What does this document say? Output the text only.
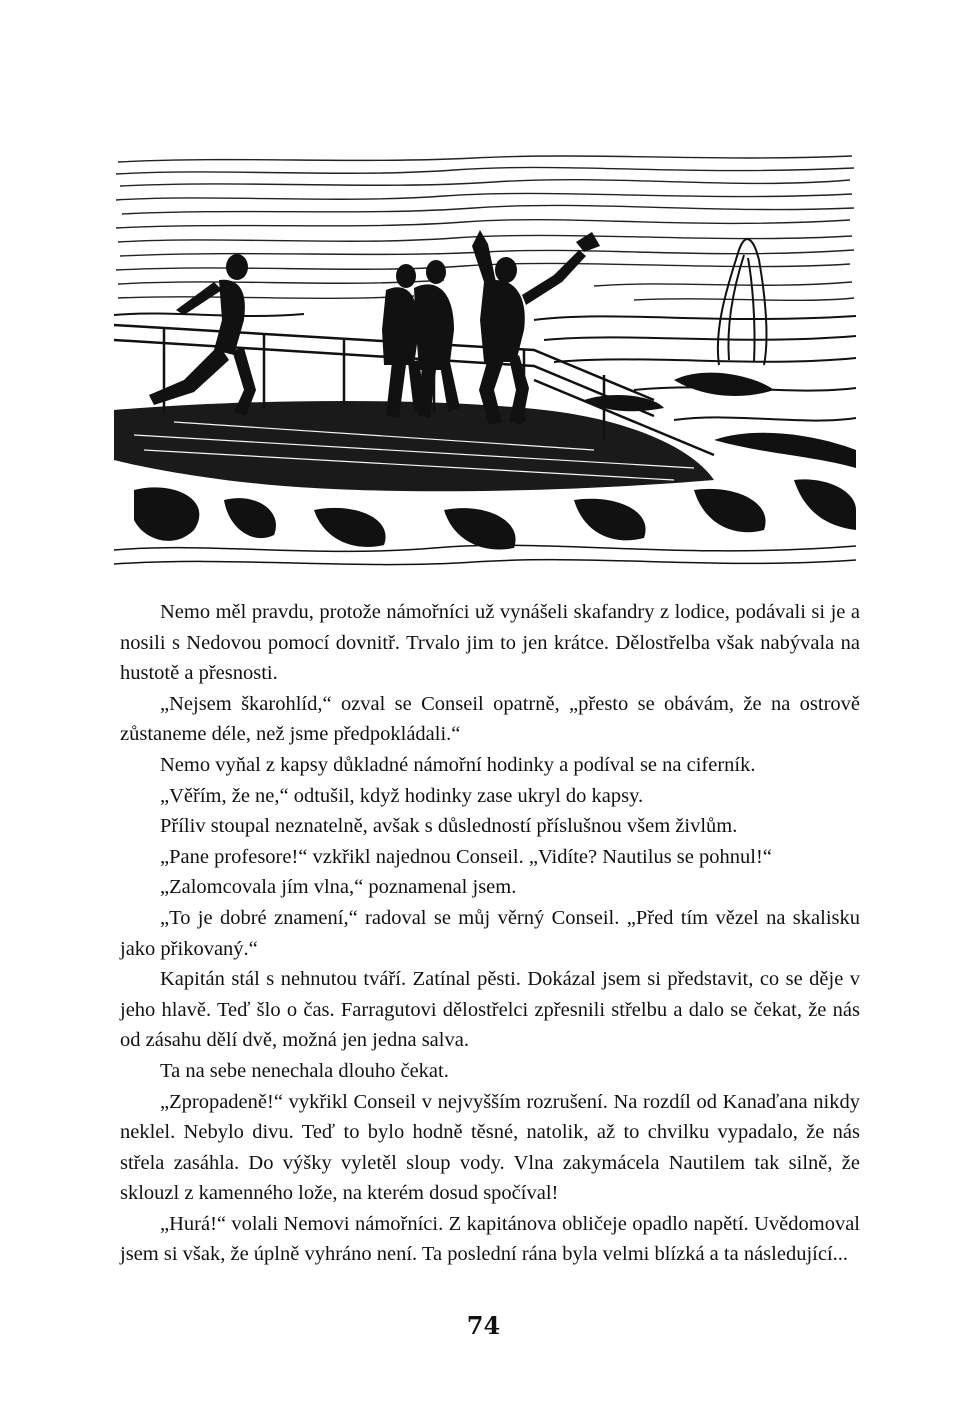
Nemo měl pravdu, protože námořníci už vynášeli skafandry z lodice, podávali si je a nosili s Nedovou pomocí dovnitř. Trvalo jim to jen krátce. Dělostřelba však nabývala na hustotě a přesnosti.

„Nejsem škarohlíd,“ ozval se Conseil opatrně, „přesto se obávám, že na ostrově zůstaneme déle, než jsme předpokládali.“

Nemo vyňal z kapsy důkladné námořní hodinky a podíval se na ciferník.

„Věřím, že ne,“ odtušil, když hodinky zase ukryl do kapsy.

Příliv stoupal neznatelně, avšak s důsledností příslušnou všem živlům.

„Pane profesore!“ vzkřikl najednou Conseil. „Vidíte? Nautilus se pohnul!“

„Zalomcovala jím vlna,“ poznamenal jsem.

„To je dobré znamení,“ radoval se můj věrný Conseil. „Před tím vězel na skalisku jako přikovaný.“

Kapitán stál s nehnutou tváří. Zatínal pěsti. Dokázal jsem si představit, co se děje v jeho hlavě. Teď šlo o čas. Farragutovi dělostřelci zpřesnili střelbu a dalo se čekat, že nás od zásahu dělí dvě, možná jen jedna salva.

Ta na sebe nenechala dlouho čekat.

„Zpropadeně!“ vykřikl Conseil v nejvyšším rozrušení. Na rozdíl od Kanaďana nikdy neklel. Nebylo divu. Teď to bylo hodně těsné, natolik, až to chvilku vypadalo, že nás střela zasáhla. Do výšky vyletěl sloup vody. Vlna zakymácela Nautilem tak silně, že sklouzl z kamenného lože, na kterém dosud spočíval!

„Hurá!“ volali Nemovi námořníci. Z kapitánova obličeje opadlo napětí. Uvědomoval jsem si však, že úplně vyhráno není. Ta poslední rána byla velmi blízká a ta následující...

74
